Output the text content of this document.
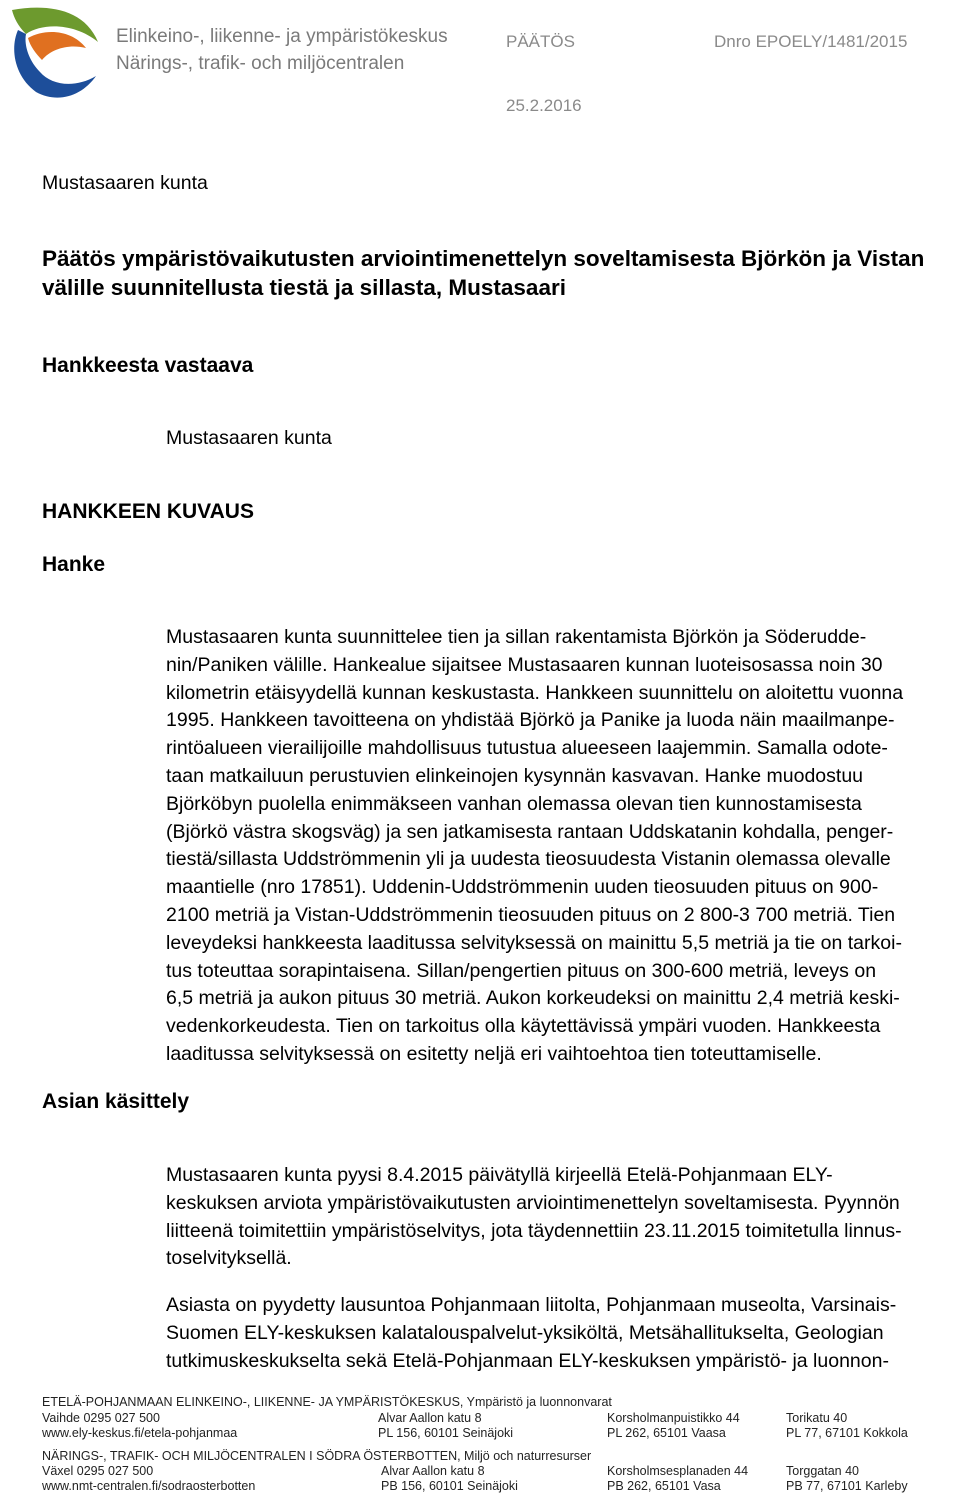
Elinkeino-, liikenne- ja ympäristökeskus
Närings-, trafik- och miljöcentralen
PÄÄTÖS	Dnro EPOELY/1481/2015
25.2.2016
Mustasaaren kunta
Päätös ympäristövaikutusten arviointimenettelyn soveltamisesta Björkön ja Vistan välille suunnitellusta tiestä ja sillasta, Mustasaari
Hankkeesta vastaava
Mustasaaren kunta
HANKKEEN KUVAUS
Hanke
Mustasaaren kunta suunnittelee tien ja sillan rakentamista Björkön ja Söderudde-
nin/Paniken välille. Hankealue sijaitsee Mustasaaren kunnan luoteisosassa noin 30
kilometrin etäisyydellä kunnan keskustasta. Hankkeen suunnittelu on aloitettu vuonna
1995. Hankkeen tavoitteena on yhdistää Björkö ja Panike ja luoda näin maailmanpe-
rintöalueen vierailijoille mahdollisuus tutustua alueeseen laajemmin. Samalla odote-
taan matkailuun perustuvien elinkeinojen kysynnän kasvavan. Hanke muodostuu
Björköbyn puolella enimmäkseen vanhan olemassa olevan tien kunnostamisesta
(Björkö västra skogsväg) ja sen jatkamisesta rantaan Uddskatanin kohdalla, penger-
tiestä/sillasta Uddströmmenin yli ja uudesta tieosuudesta Vistanin olemassa olevalle
maantielle (nro 17851). Uddenin-Uddströmmenin uuden tieosuuden pituus on 900-
2100 metriä ja Vistan-Uddströmmenin tieosuuden pituus on 2 800-3 700 metriä. Tien
leveydeksi hankkeesta laaditussa selvityksessä on mainittu 5,5 metriä ja tie on tarkoi-
tus toteuttaa sorapintaisena. Sillan/pengertien pituus on 300-600 metriä, leveys on
6,5 metriä ja aukon pituus 30 metriä. Aukon korkeudeksi on mainittu 2,4 metriä keski-
vedenkorkeudesta. Tien on tarkoitus olla käytettävissä ympäri vuoden. Hankkeesta
laaditussa selvityksessä on esitetty neljä eri vaihtoehtoa tien toteuttamiselle.
Asian käsittely
Mustasaaren kunta pyysi 8.4.2015 päivätyllä kirjeellä Etelä-Pohjanmaan ELY-
keskuksen arviota ympäristövaikutusten arviointimenettelyn soveltamisesta. Pyynnön
liitteenä toimitettiin ympäristöselvitys, jota täydennettiin 23.11.2015 toimitetulla linnus-
toselvityksellä.
Asiasta on pyydetty lausuntoa Pohjanmaan liitolta, Pohjanmaan museolta, Varsinais-
Suomen ELY-keskuksen kalatalouspalvelut-yksiköltä, Metsähallitukselta, Geologian
tutkimuskeskukselta sekä Etelä-Pohjanmaan ELY-keskuksen ympäristö- ja luonnon-
ETELÄ-POHJANMAAN ELINKEINO-, LIIKENNE- JA YMPÄRISTÖKESKUS, Ympäristö ja luonnonvarat
Vaihde 0295 027 500
www.ely-keskus.fi/etela-pohjanmaa
Alvar Aallon katu 8
PL 156, 60101 Seinäjoki
Korsholmanpuistikko 44
PL 262, 65101 Vaasa
Torikatu 40
PL 77, 67101 Kokkola
NÄRINGS-, TRAFIK- OCH MILJÖCENTRALEN I SÖDRA ÖSTERBOTTEN, Miljö och naturresurser
Växel 0295 027 500
www.nmt-centralen.fi/sodraosterbotten
Alvar Aallon katu 8
PB 156, 60101 Seinäjoki
Korsholmsesplanaden 44
PB 262, 65101 Vasa
Torggatan 40
PB 77, 67101 Karleby
